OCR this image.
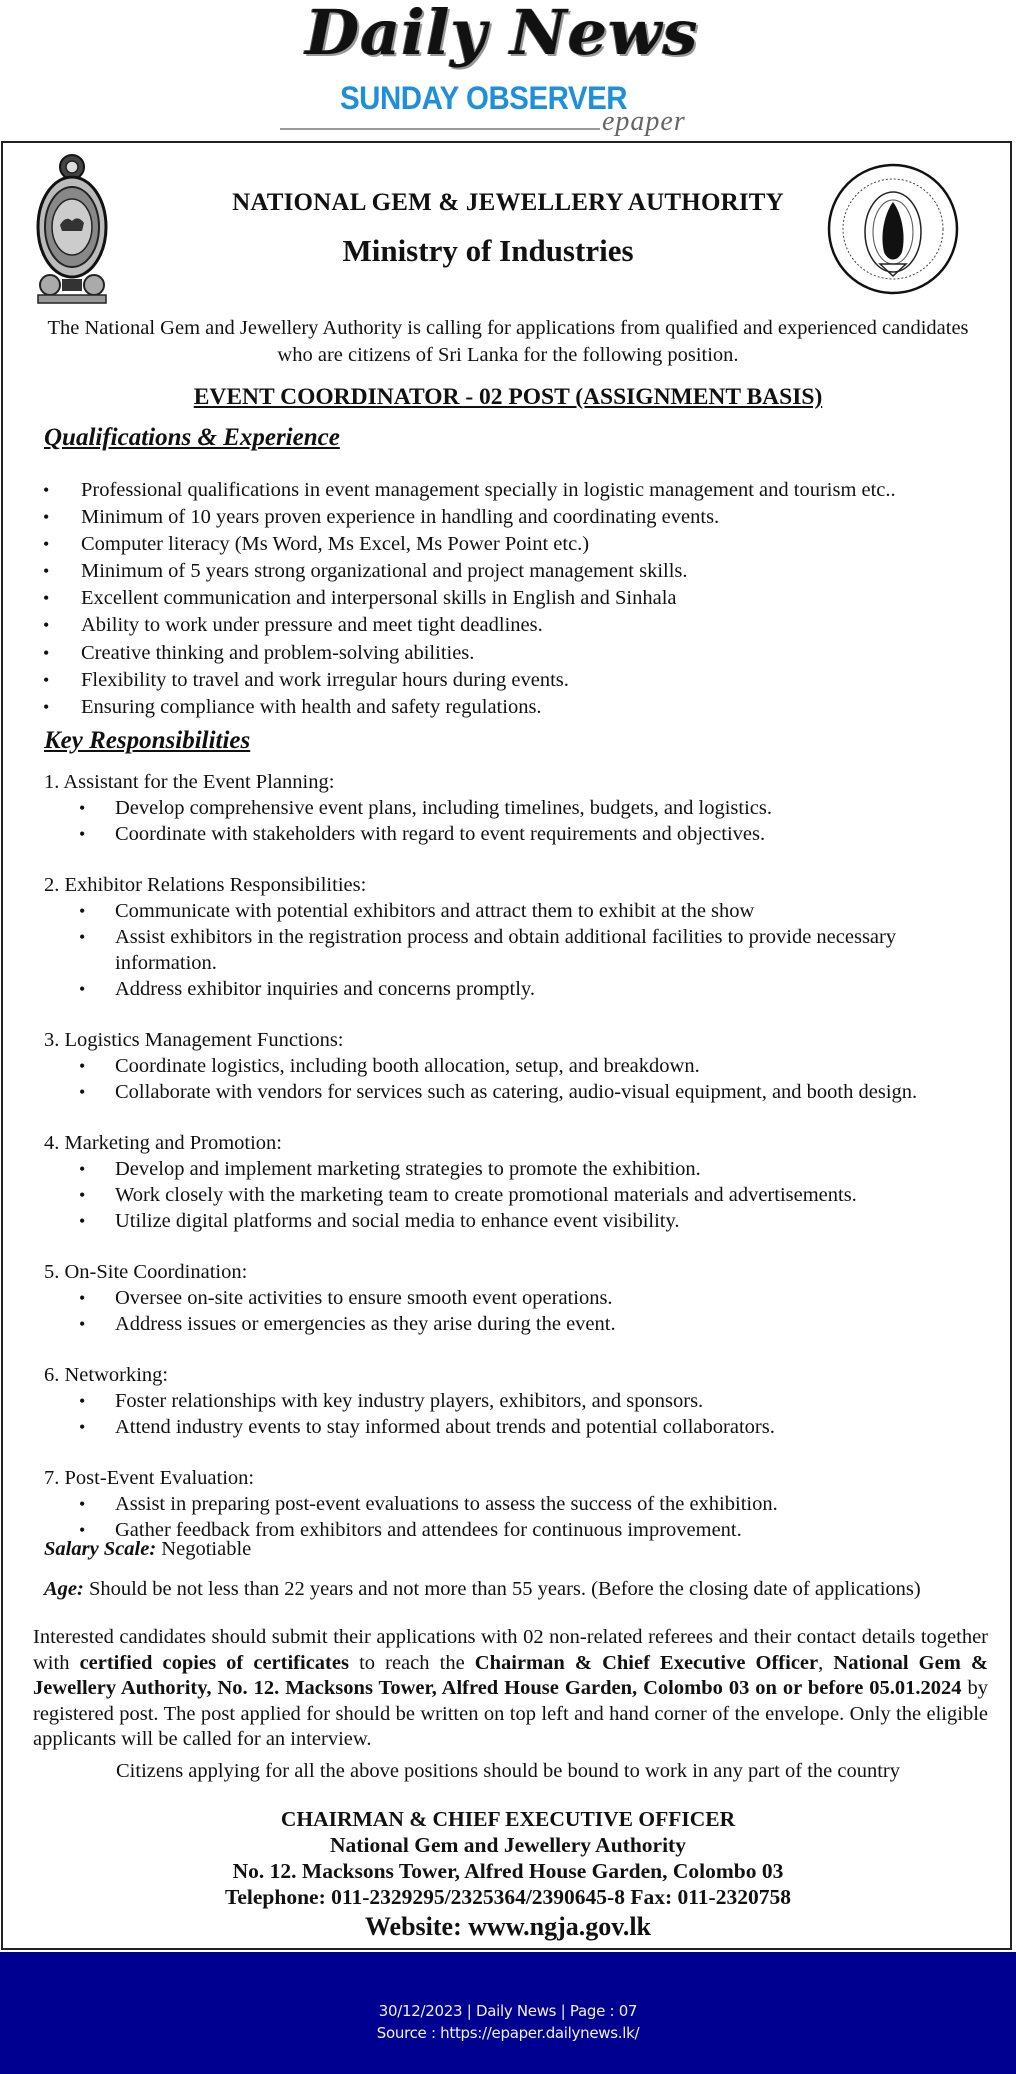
Daily News
SUNDAY OBSERVER
epaper
NATIONAL GEM & JEWELLERY AUTHORITY
Ministry of Industries
The National Gem and Jewellery Authority is calling for applications from qualified and experienced candidates who are citizens of Sri Lanka for the following position.
EVENT COORDINATOR - 02 POST (ASSIGNMENT BASIS)
Qualifications & Experience
• Professional qualifications in event management specially in logistic management and tourism etc..
• Minimum of 10 years proven experience in handling and coordinating events.
• Computer literacy (Ms Word, Ms Excel, Ms Power Point etc.)
• Minimum of 5 years strong organizational and project management skills.
• Excellent communication and interpersonal skills in English and Sinhala
• Ability to work under pressure and meet tight deadlines.
• Creative thinking and problem-solving abilities.
• Flexibility to travel and work irregular hours during events.
• Ensuring compliance with health and safety regulations.
Key Responsibilities
1. Assistant for the Event Planning:
• Develop comprehensive event plans, including timelines, budgets, and logistics.
• Coordinate with stakeholders with regard to event requirements and objectives.
2. Exhibitor Relations Responsibilities:
• Communicate with potential exhibitors and attract them to exhibit at the show
• Assist exhibitors in the registration process and obtain additional facilities to provide necessary information.
• Address exhibitor inquiries and concerns promptly.
3. Logistics Management Functions:
• Coordinate logistics, including booth allocation, setup, and breakdown.
• Collaborate with vendors for services such as catering, audio-visual equipment, and booth design.
4. Marketing and Promotion:
• Develop and implement marketing strategies to promote the exhibition.
• Work closely with the marketing team to create promotional materials and advertisements.
• Utilize digital platforms and social media to enhance event visibility.
5. On-Site Coordination:
• Oversee on-site activities to ensure smooth event operations.
• Address issues or emergencies as they arise during the event.
6. Networking:
• Foster relationships with key industry players, exhibitors, and sponsors.
• Attend industry events to stay informed about trends and potential collaborators.
7. Post-Event Evaluation:
• Assist in preparing post-event evaluations to assess the success of the exhibition.
• Gather feedback from exhibitors and attendees for continuous improvement.
Salary Scale: Negotiable
Age: Should be not less than 22 years and not more than 55 years. (Before the closing date of applications)
Interested candidates should submit their applications with 02 non-related referees and their contact details together with certified copies of certificates to reach the Chairman & Chief Executive Officer, National Gem & Jewellery Authority, No. 12. Macksons Tower, Alfred House Garden, Colombo 03 on or before 05.01.2024 by registered post. The post applied for should be written on top left and hand corner of the envelope. Only the eligible applicants will be called for an interview.
Citizens applying for all the above positions should be bound to work in any part of the country
CHAIRMAN & CHIEF EXECUTIVE OFFICER
National Gem and Jewellery Authority
No. 12. Macksons Tower, Alfred House Garden, Colombo 03
Telephone: 011-2329295/2325364/2390645-8 Fax: 011-2320758
Website: www.ngja.gov.lk
30/12/2023 | Daily News | Page : 07
Source : https://epaper.dailynews.lk/
